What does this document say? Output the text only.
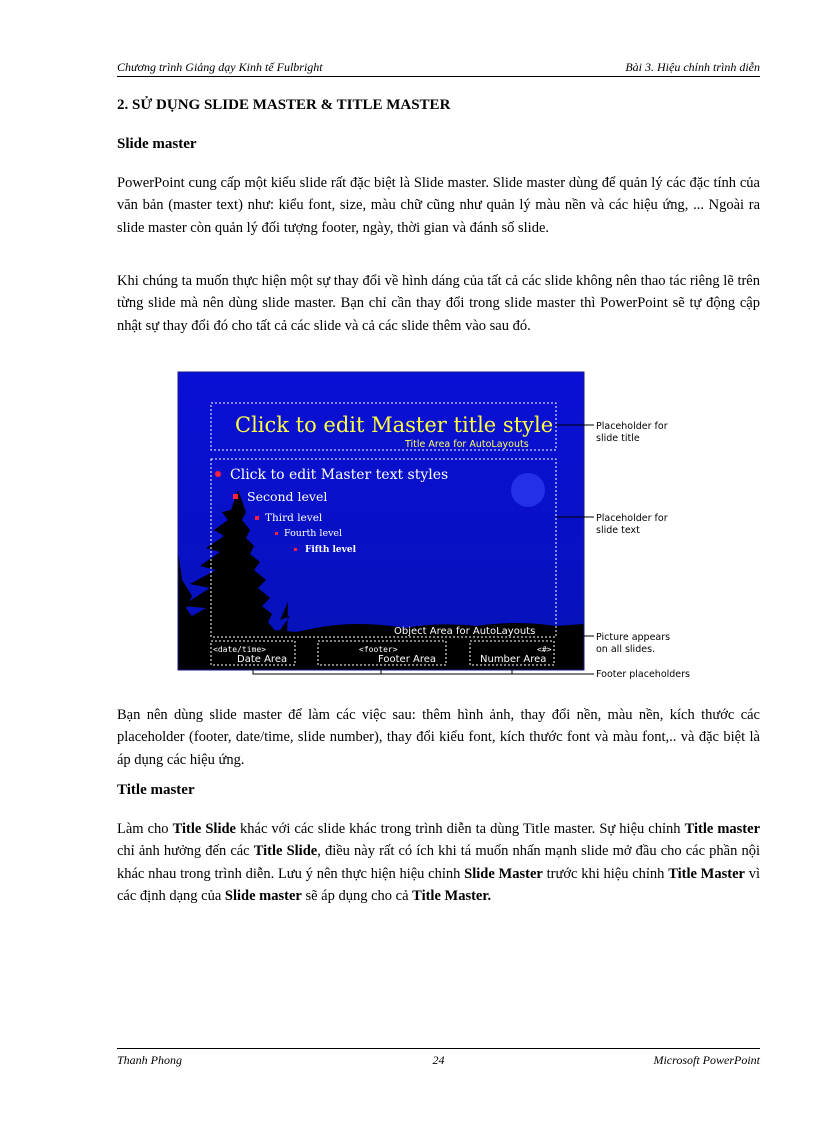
Chương trình Giảng dạy Kinh tế Fulbright	Bài 3. Hiệu chỉnh trình diễn
2. SỬ DỤNG SLIDE MASTER & TITLE MASTER
Slide master

PowerPoint cung cấp một kiểu slide rất đặc biệt là Slide master. Slide master dùng để quản lý các đặc tính của văn bản (master text) như: kiểu font, size, màu chữ cũng như quản lý màu nền và các hiệu ứng, ... Ngoài ra slide master còn quản lý đối tượng footer, ngày, thời gian và đánh số slide.

Khi chúng ta muốn thực hiện một sự thay đổi về hình dáng của tất cả các slide không nên thao tác riêng lẽ trên từng slide mà nên dùng slide master. Bạn chỉ cần thay đổi trong slide master thì PowerPoint sẽ tự động cập nhật sự thay đổi đó cho tất cả các slide và cả các slide thêm vào sau đó.

Click to edit Master title style
Title Area for AutoLayouts
Click to edit Master text styles
Second level
Third level
Fourth level
Fifth level
Object Area for AutoLayouts
<date/time>
Date Area
<footer>
Footer Area
<#>
Number Area
Placeholder for
slide title
Placeholder for
slide text
Picture appears
on all slides.
Footer placeholders

Bạn nên dùng slide master để làm các việc sau: thêm hình ảnh, thay đổi nền, màu nền, kích thước các placeholder (footer, date/time, slide number), thay đổi kiểu font, kích thước font và màu font,.. và đặc biệt là áp dụng các hiệu ứng.

Title master

Làm cho Title Slide khác với các slide khác trong trình diễn ta dùng Title master. Sự hiệu chỉnh Title master chỉ ảnh hưởng đến các Title Slide, điều này rất có ích khi tá muốn nhấn mạnh slide mở đầu cho các phần nội khác nhau trong trình diễn. Lưu ý nên thực hiện hiệu chỉnh Slide Master trước khi hiệu chỉnh Title Master vì các định dạng của Slide master sẽ áp dụng cho cả Title Master.

Thanh Phong	24	Microsoft PowerPoint
